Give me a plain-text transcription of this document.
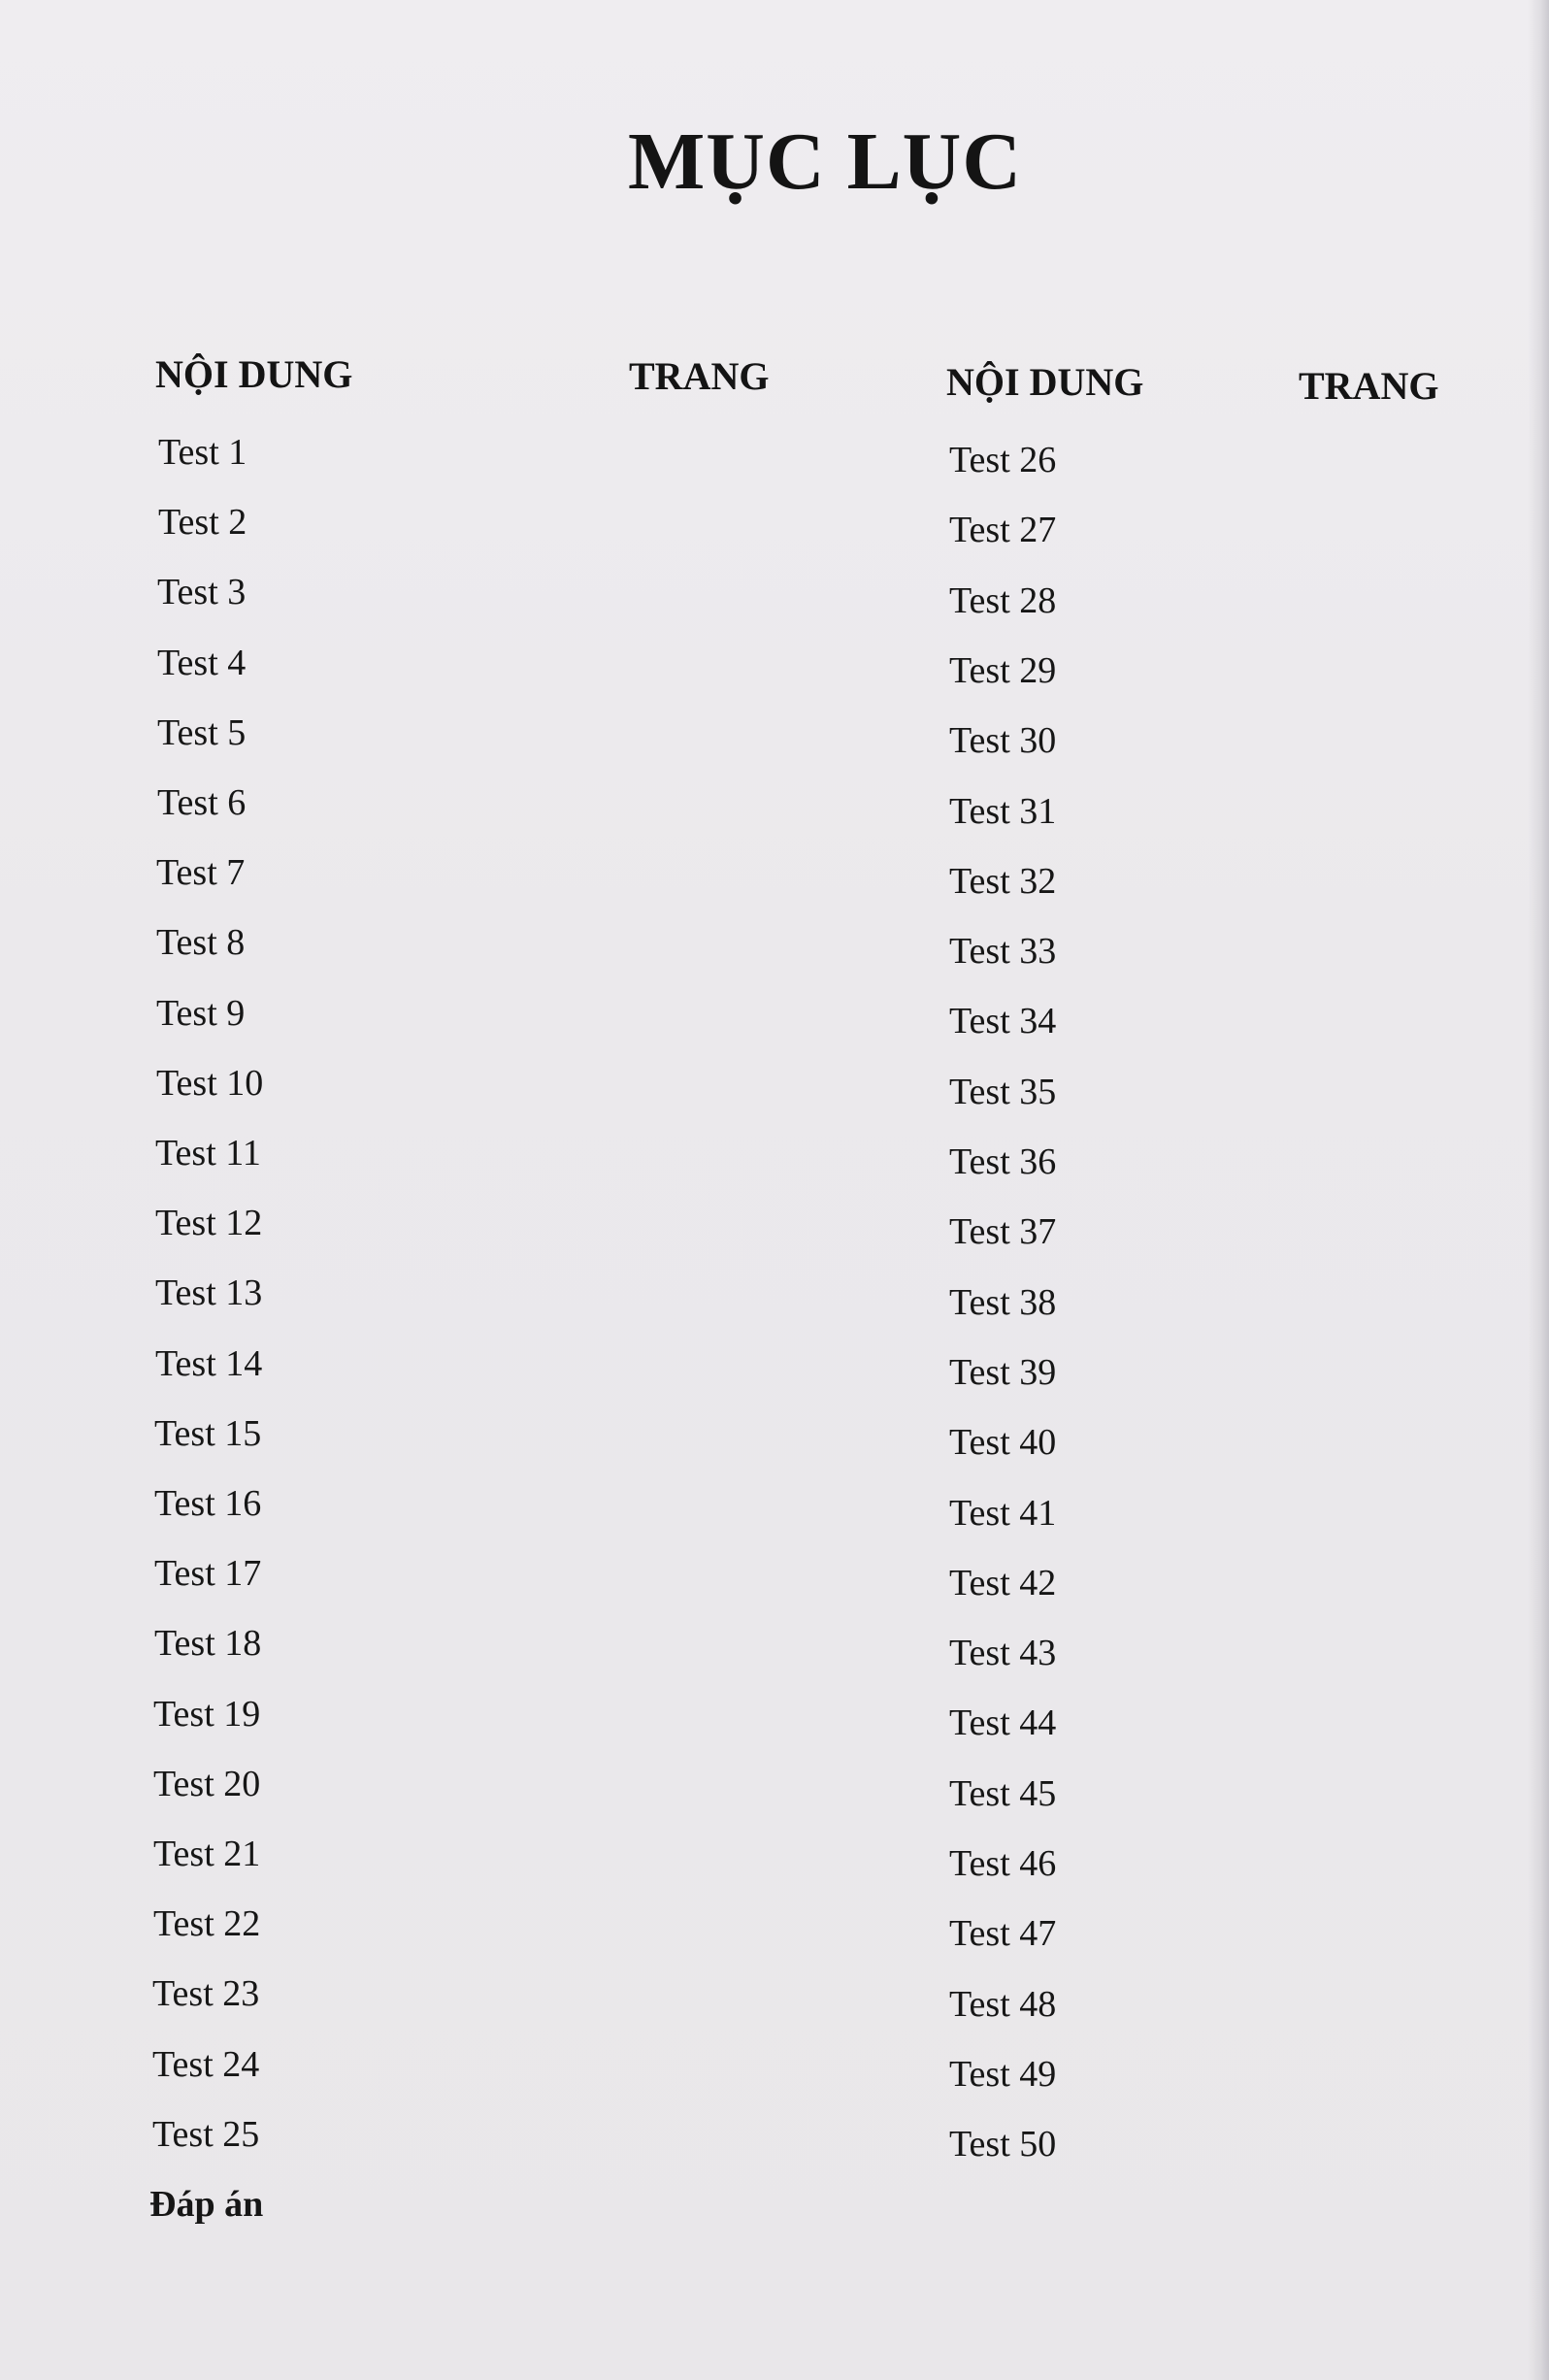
MỤC LỤC
NỘI DUNG	TRANG
Test 1
Test 2
Test 3
Test 4
Test 5
Test 6
Test 7
Test 8
Test 9
Test 10
Test 11
Test 12
Test 13
Test 14
Test 15
Test 16
Test 17
Test 18
Test 19
Test 20
Test 21
Test 22
Test 23
Test 24
Test 25
Đáp án
NỘI DUNG	TRANG
Test 26
Test 27
Test 28
Test 29
Test 30
Test 31
Test 32
Test 33
Test 34
Test 35
Test 36
Test 37
Test 38
Test 39
Test 40
Test 41
Test 42
Test 43
Test 44
Test 45
Test 46
Test 47
Test 48
Test 49
Test 50
